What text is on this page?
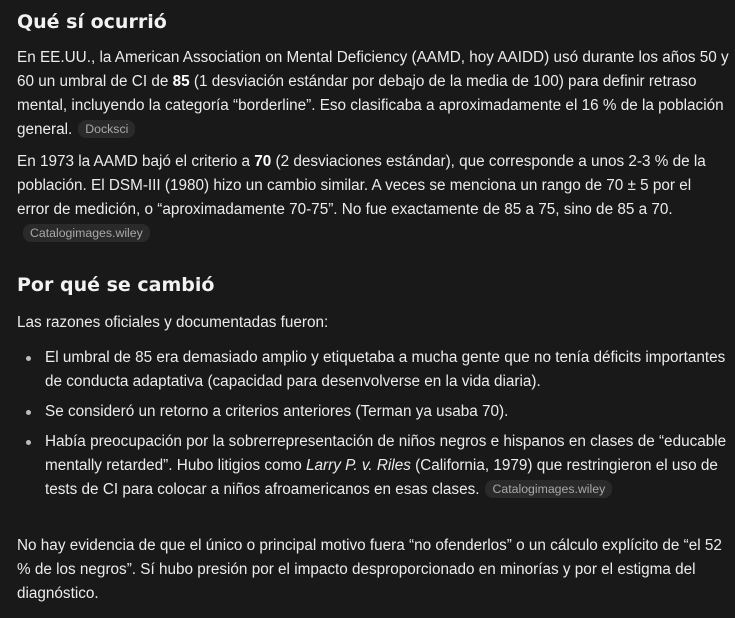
Qué sí ocurrió

En EE.UU., la American Association on Mental Deficiency (AAMD, hoy AAIDD) usó durante los años 50 y 60 un umbral de CI de 85 (1 desviación estándar por debajo de la media de 100) para definir retraso mental, incluyendo la categoría “borderline”. Eso clasificaba a aproximadamente el 16 % de la población general. Docksci

En 1973 la AAMD bajó el criterio a 70 (2 desviaciones estándar), que corresponde a unos 2-3 % de la población. El DSM-III (1980) hizo un cambio similar. A veces se menciona un rango de 70 ± 5 por el error de medición, o “aproximadamente 70-75”. No fue exactamente de 85 a 75, sino de 85 a 70.Catalogimages.wiley

Por qué se cambió

Las razones oficiales y documentadas fueron:

El umbral de 85 era demasiado amplio y etiquetaba a mucha gente que no tenía déficits importantes de conducta adaptativa (capacidad para desenvolverse en la vida diaria).
Se consideró un retorno a criterios anteriores (Terman ya usaba 70).
Había preocupación por la sobrerrepresentación de niños negros e hispanos en clases de “educable mentally retarded”. Hubo litigios como Larry P. v. Riles (California, 1979) que restringieron el uso de tests de CI para colocar a niños afroamericanos en esas clases. Catalogimages.wiley

No hay evidencia de que el único o principal motivo fuera “no ofenderlos” o un cálculo explícito de “el 52 % de los negros”. Sí hubo presión por el impacto desproporcionado en minorías y por el estigma del diagnóstico.
